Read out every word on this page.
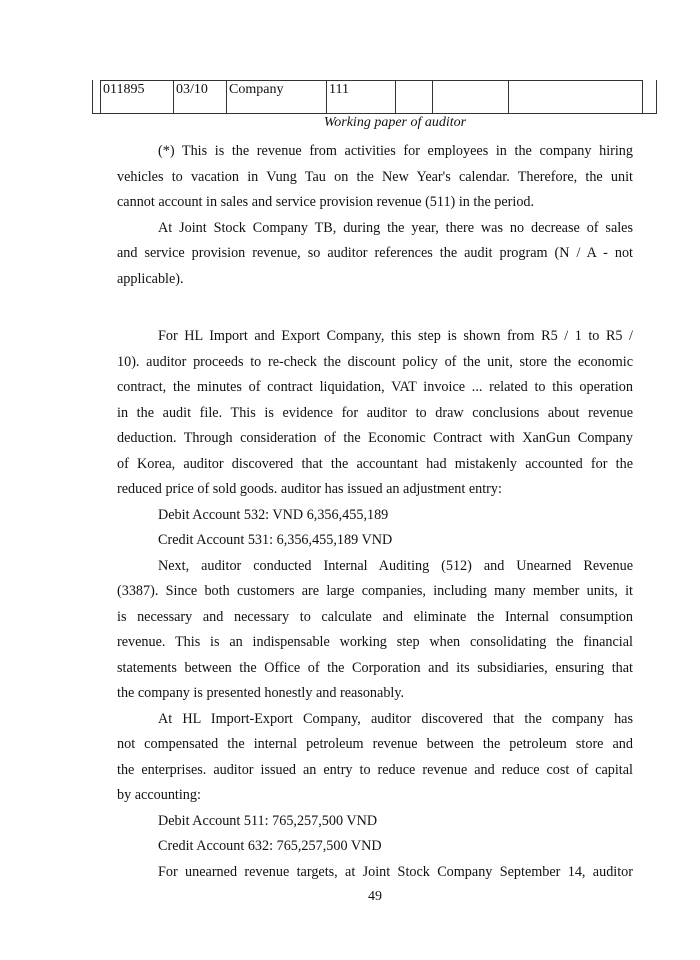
011895	03/10	Company	111			
Working paper of auditor
(*) This is the revenue from activities for employees in the company hiring
vehicles to vacation in Vung Tau on the New Year's calendar. Therefore, the unit
cannot account in sales and service provision revenue (511) in the period.
At Joint Stock Company TB, during the year, there was no decrease of sales
and service provision revenue, so auditor references the audit program (N / A - not
applicable).
For HL Import and Export Company, this step is shown from R5 / 1 to R5 /
10). auditor proceeds to re-check the discount policy of the unit, store the economic
contract, the minutes of contract liquidation, VAT invoice ... related to this operation
in the audit file. This is evidence for auditor to draw conclusions about revenue
deduction. Through consideration of the Economic Contract with XanGun Company
of Korea, auditor discovered that the accountant had mistakenly accounted for the
reduced price of sold goods. auditor has issued an adjustment entry:
Debit Account 532: VND 6,356,455,189
Credit Account 531: 6,356,455,189 VND
Next, auditor conducted Internal Auditing (512) and Unearned Revenue
(3387). Since both customers are large companies, including many member units, it
is necessary and necessary to calculate and eliminate the Internal consumption
revenue. This is an indispensable working step when consolidating the financial
statements between the Office of the Corporation and its subsidiaries, ensuring that
the company is presented honestly and reasonably.
At HL Import-Export Company, auditor discovered that the company has
not compensated the internal petroleum revenue between the petroleum store and
the enterprises. auditor issued an entry to reduce revenue and reduce cost of capital
by accounting:
Debit Account 511: 765,257,500 VND
Credit Account 632: 765,257,500 VND
For unearned revenue targets, at Joint Stock Company September 14, auditor
49
